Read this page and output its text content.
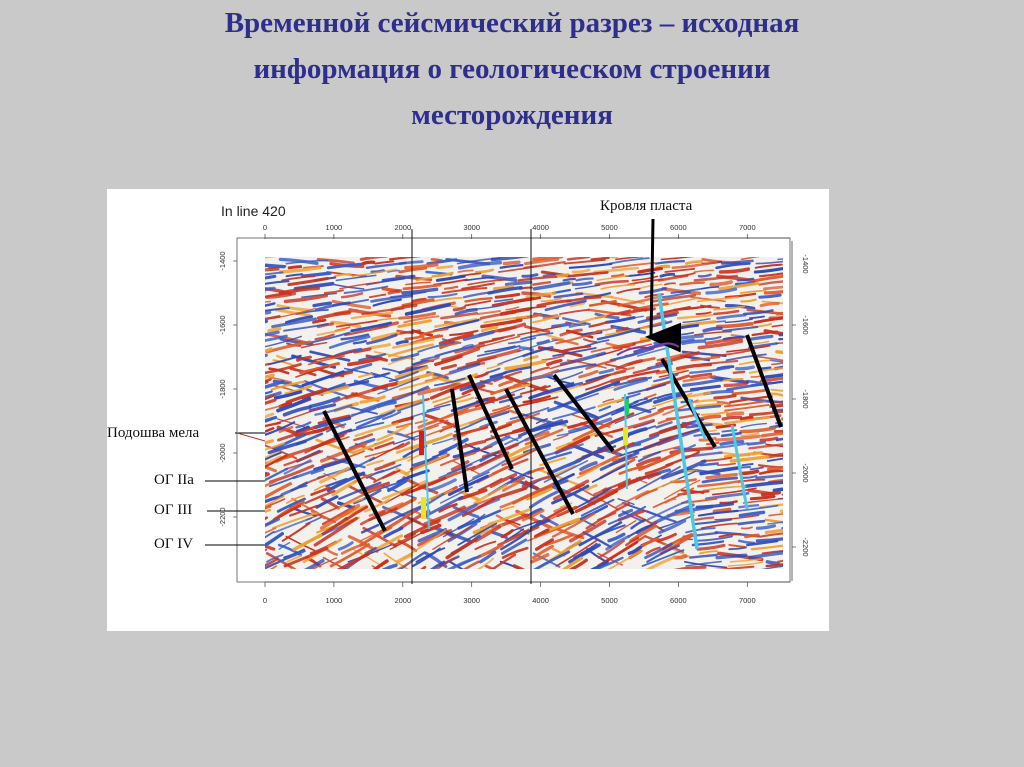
Временной сейсмический разрез – исходная
информация о геологическом строении
месторождения
In line 420	Кровля пласта
Подошва мела
ОГ IIа
ОГ III
ОГ IV
0	1000	2000	3000	4000	5000	6000	7000
0	1000	2000	3000	4000	5000	6000	7000
-1400
-1600
-1800
-2000
-2200
-1600
-1800
-2000
-2200
-1400
